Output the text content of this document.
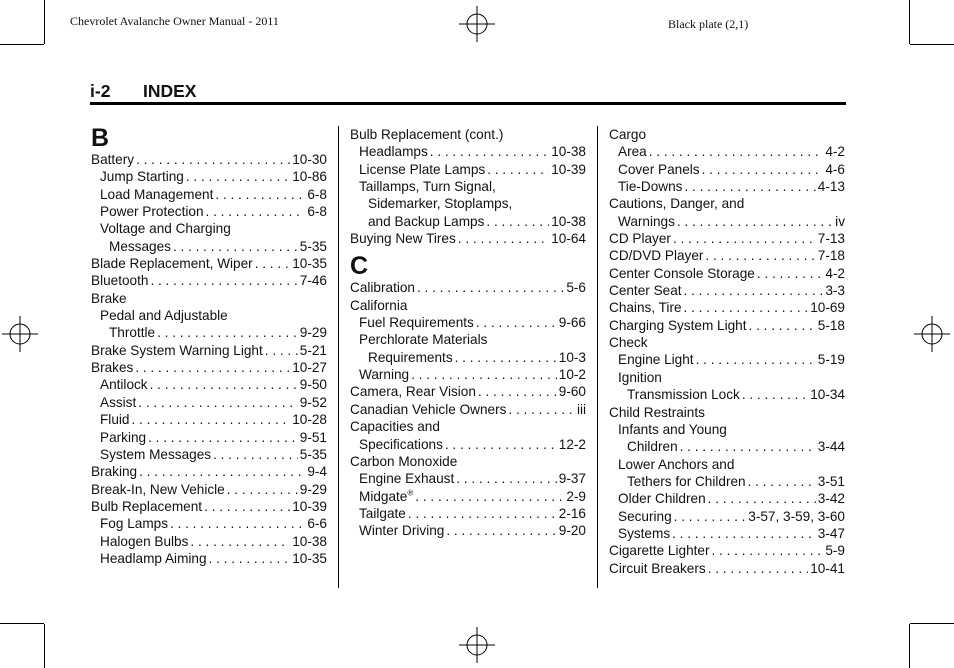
Chevrolet Avalanche Owner Manual - 2011	Black plate (2,1)
i-2 INDEX
B
Battery . . .	10-30
Jump Starting . . .	10-86
Load Management . . .	6-8
Power Protection . . .	6-8
Voltage and Charging
Messages . . .	5-35
Blade Replacement, Wiper . . .	10-35
Bluetooth . . .	7-46
Brake
Pedal and Adjustable
Throttle . . .	9-29
Brake System Warning Light . . .	5-21
Brakes . . .	10-27
Antilock . . .	9-50
Assist . . .	9-52
Fluid . . .	10-28
Parking . . .	9-51
System Messages . . .	5-35
Braking . . .	9-4
Break-In, New Vehicle . . .	9-29
Bulb Replacement . . .	10-39
Fog Lamps . . .	6-6
Halogen Bulbs . . .	10-38
Headlamp Aiming . . .	10-35
Bulb Replacement (cont.)
Headlamps . . .	10-38
License Plate Lamps . . .	10-39
Taillamps, Turn Signal,
Sidemarker, Stoplamps,
and Backup Lamps . . .	10-38
Buying New Tires . . .	10-64
C
Calibration . . .	5-6
California
Fuel Requirements . . .	9-66
Perchlorate Materials
Requirements . . .	10-3
Warning . . .	10-2
Camera, Rear Vision . . .	9-60
Canadian Vehicle Owners . . .	iii
Capacities and
Specifications . . .	12-2
Carbon Monoxide
Engine Exhaust . . .	9-37
Midgate® . . .	2-9
Tailgate . . .	2-16
Winter Driving . . .	9-20
Cargo
Area . . .	4-2
Cover Panels . . .	4-6
Tie-Downs . . .	4-13
Cautions, Danger, and
Warnings . . .	iv
CD Player . . .	7-13
CD/DVD Player . . .	7-18
Center Console Storage . . .	4-2
Center Seat . . .	3-3
Chains, Tire . . .	10-69
Charging System Light . . .	5-18
Check
Engine Light . . .	5-19
Ignition
Transmission Lock . . .	10-34
Child Restraints
Infants and Young
Children . . .	3-44
Lower Anchors and
Tethers for Children . . .	3-51
Older Children . . .	3-42
Securing . . .	3-57, 3-59, 3-60
Systems . . .	3-47
Cigarette Lighter . . .	5-9
Circuit Breakers . . .	10-41
